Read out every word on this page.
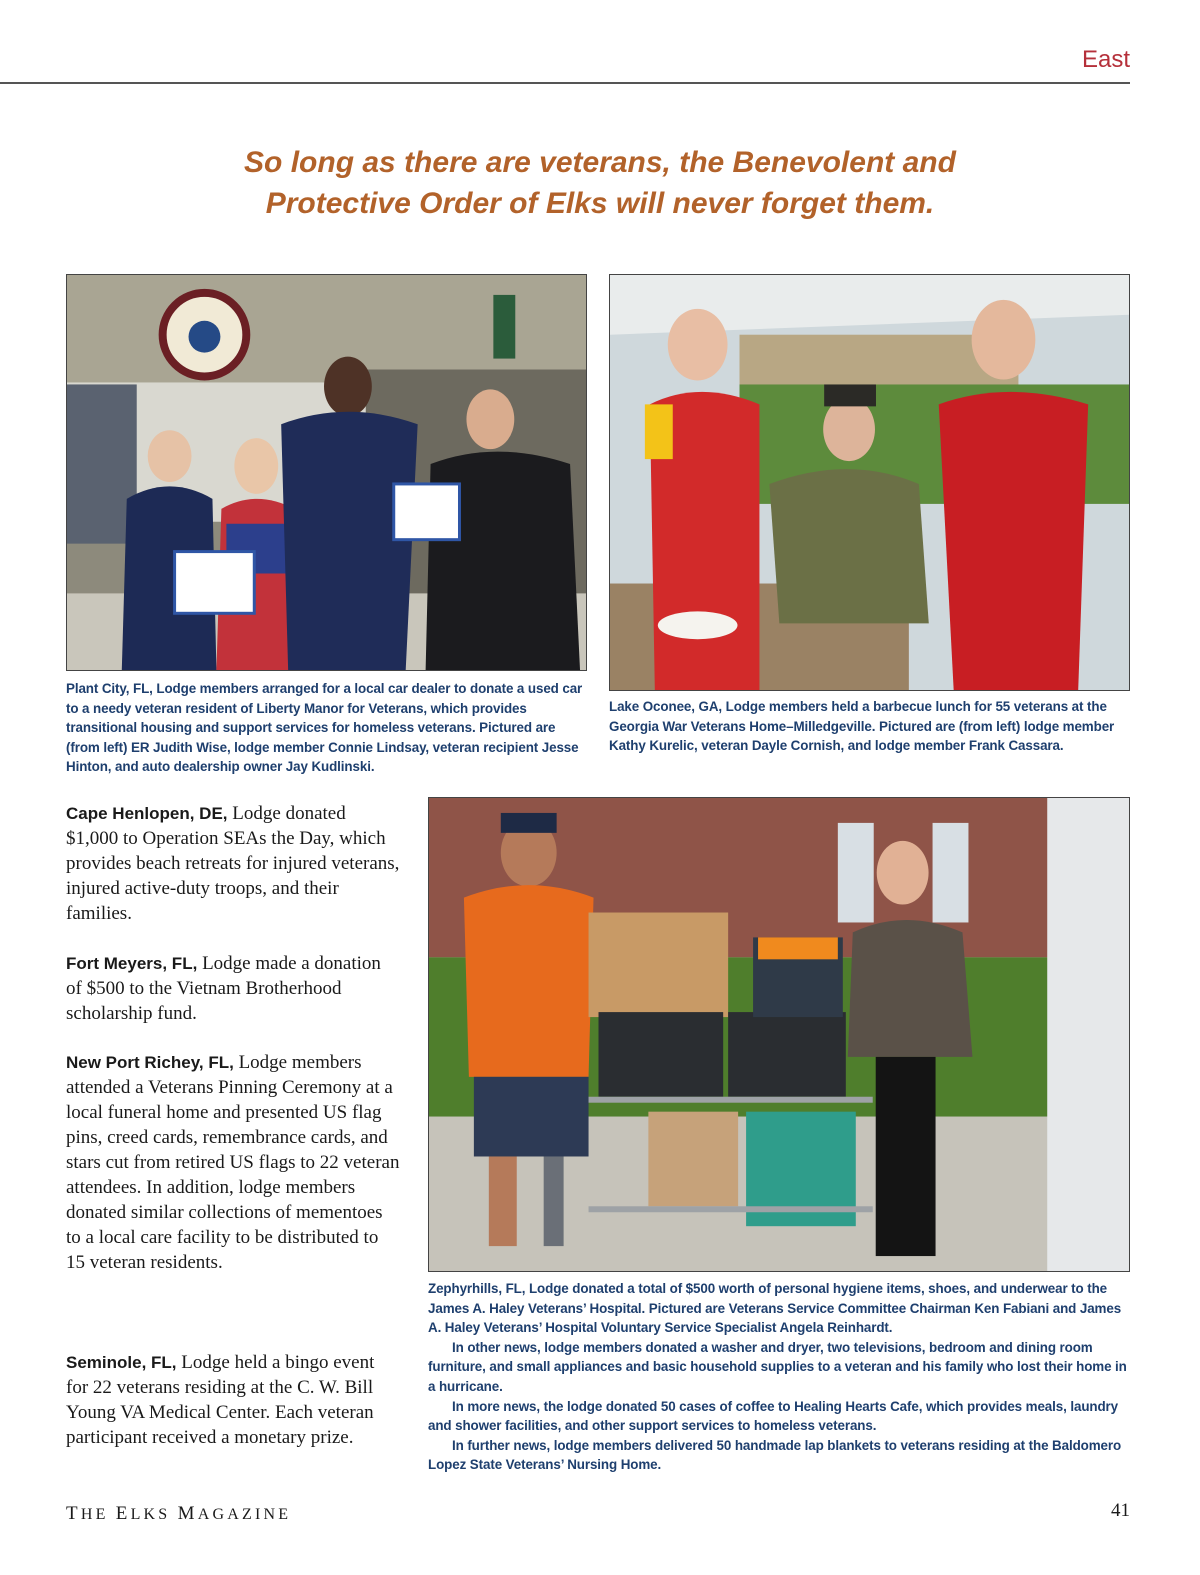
East
So long as there are veterans, the Benevolent and
Protective Order of Elks will never forget them.
Plant City, FL, Lodge members arranged for a local car dealer to donate a used car to a needy veteran resident of Liberty Manor for Veterans, which provides transitional housing and support services for homeless veterans. Pictured are (from left) ER Judith Wise, lodge member Connie Lindsay, veteran recipient Jesse Hinton, and auto dealership owner Jay Kudlinski.
Lake Oconee, GA, Lodge members held a barbecue lunch for 55 veterans at the Georgia War Veterans Home–Milledgeville. Pictured are (from left) lodge member Kathy Kurelic, veteran Dayle Cornish, and lodge member Frank Cassara.
Cape Henlopen, DE, Lodge donated $1,000 to Operation SEAs the Day, which provides beach retreats for injured veterans, injured active-duty troops, and their families.
Fort Meyers, FL, Lodge made a donation of $500 to the Vietnam Brotherhood scholarship fund.
New Port Richey, FL, Lodge members attended a Veterans Pinning Ceremony at a local funeral home and presented US flag pins, creed cards, remembrance cards, and stars cut from retired US flags to 22 veteran attendees. In addition, lodge members donated similar collections of mementoes to a local care facility to be distributed to 15 veteran residents.
Seminole, FL, Lodge held a bingo event for 22 veterans residing at the C. W. Bill Young VA Medical Center. Each veteran participant received a monetary prize.

Zephyrhills, FL, Lodge donated a total of $500 worth of personal hygiene items, shoes, and underwear to the James A. Haley Veterans’ Hospital. Pictured are Veterans Service Committee Chairman Ken Fabiani and James A. Haley Veterans’ Hospital Voluntary Service Specialist Angela Reinhardt.

In other news, lodge members donated a washer and dryer, two televisions, bedroom and dining room furniture, and small appliances and basic household supplies to a veteran and his family who lost their home in a hurricane.

In more news, the lodge donated 50 cases of coffee to Healing Hearts Cafe, which provides meals, laundry and shower facilities, and other support services to homeless veterans.

In further news, lodge members delivered 50 handmade lap blankets to veterans residing at the Baldomero Lopez State Veterans’ Nursing Home.

THE ELKS MAGAZINE	41
